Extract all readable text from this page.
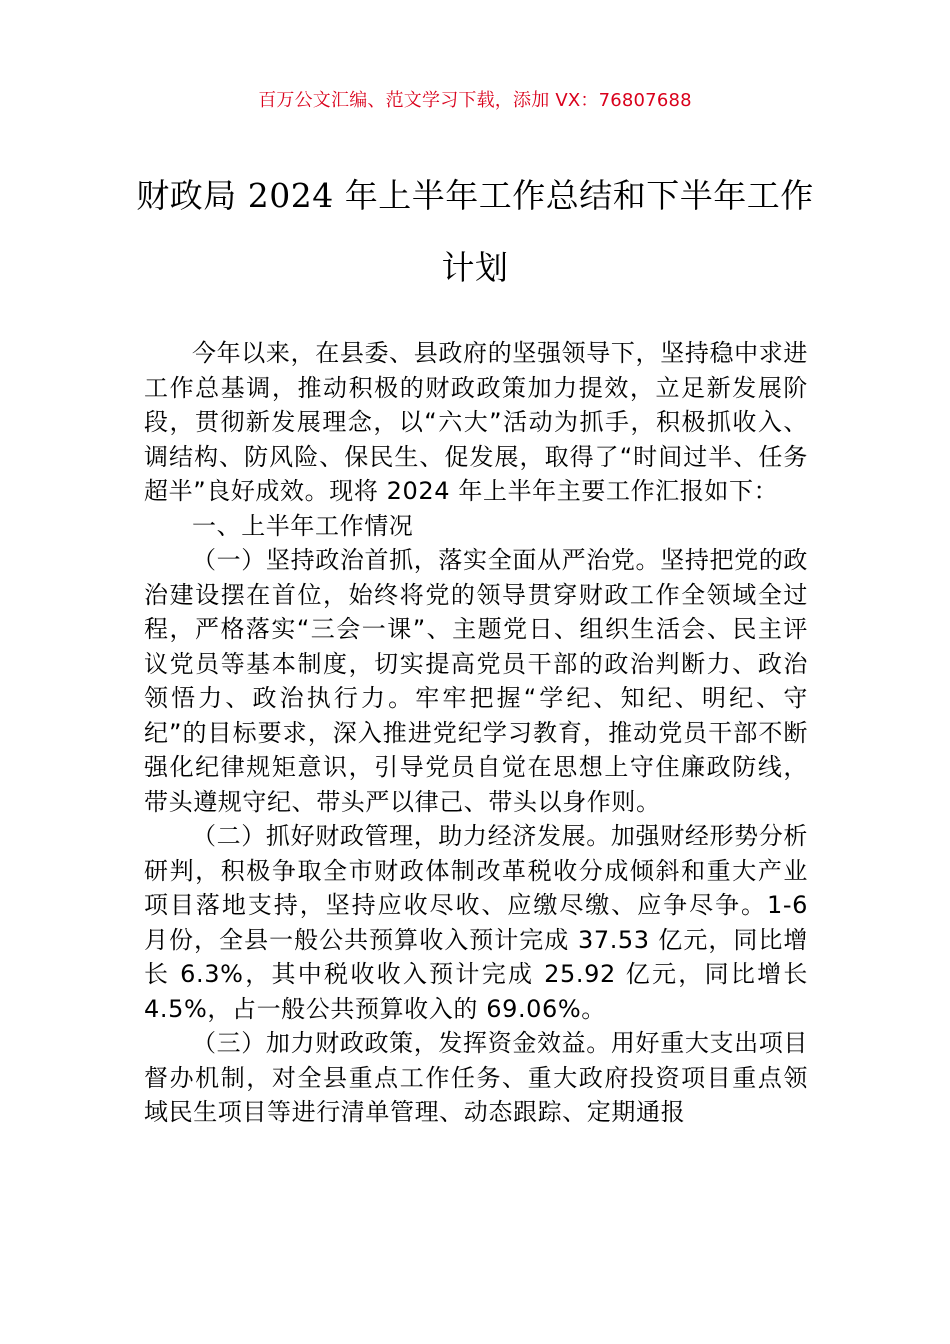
百万公文汇编、范文学习下载，添加 VX：76807688
财政局 2024 年上半年工作总结和下半年工作计划

今年以来，在县委、县政府的坚强领导下，坚持稳中求进工作总基调，推动积极的财政政策加力提效，立足新发展阶段，贯彻新发展理念，以“六大”活动为抓手，积极抓收入、调结构、防风险、保民生、促发展，取得了“时间过半、任务超半”良好成效。现将 2024 年上半年主要工作汇报如下：

一、上半年工作情况

（一）坚持政治首抓，落实全面从严治党。坚持把党的政治建设摆在首位，始终将党的领导贯穿财政工作全领域全过程，严格落实“三会一课”、主题党日、组织生活会、民主评议党员等基本制度，切实提高党员干部的政治判断力、政治领悟力、政治执行力。牢牢把握“学纪、知纪、明纪、守纪”的目标要求，深入推进党纪学习教育，推动党员干部不断强化纪律规矩意识，引导党员自觉在思想上守住廉政防线，带头遵规守纪、带头严以律己、带头以身作则。

（二）抓好财政管理，助力经济发展。加强财经形势分析研判，积极争取全市财政体制改革税收分成倾斜和重大产业项目落地支持，坚持应收尽收、应缴尽缴、应争尽争。1-6 月份，全县一般公共预算收入预计完成 37.53 亿元，同比增长 6.3%，其中税收收入预计完成 25.92 亿元，同比增长 4.5%，占一般公共预算收入的 69.06%。

（三）加力财政政策，发挥资金效益。用好重大支出项目督办机制，对全县重点工作任务、重大政府投资项目重点领域民生项目等进行清单管理、动态跟踪、定期通报
